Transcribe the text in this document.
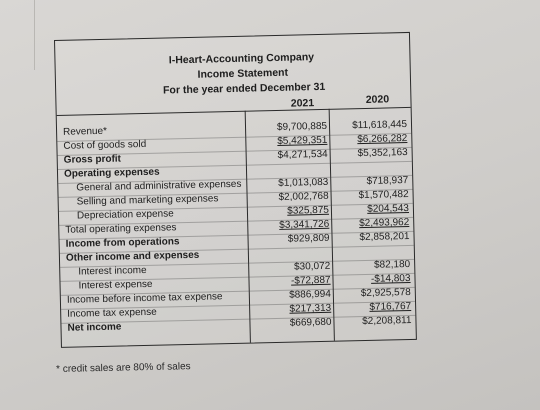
I-Heart-Accounting Company
Income Statement
For the year ended December 31
2021	2020
Revenue*	$9,700,885 $11,618,445
Cost of goods sold	$5,429,351	$6,266,282
Gross profit	$4,271,534	$5,352,163
Operating expenses
General and administrative expenses	$1,013,083	$718,937
Selling and marketing expenses	$2,002,768	$1,570,482
Depreciation expense	$325,875	$204,543
Total operating expenses	$3,341,726	$2,493,962
Income from operations	$929,809	$2,858,201
Other income and expenses
Interest income	$30,072	$82,180
Interest expense	-$72,887	-$14,803
Income before income tax expense	$886,994	$2,925,578
Income tax expense	$217,313	$716,767
Net income	$669,680	$2,208,811
* credit sales are 80% of sales
